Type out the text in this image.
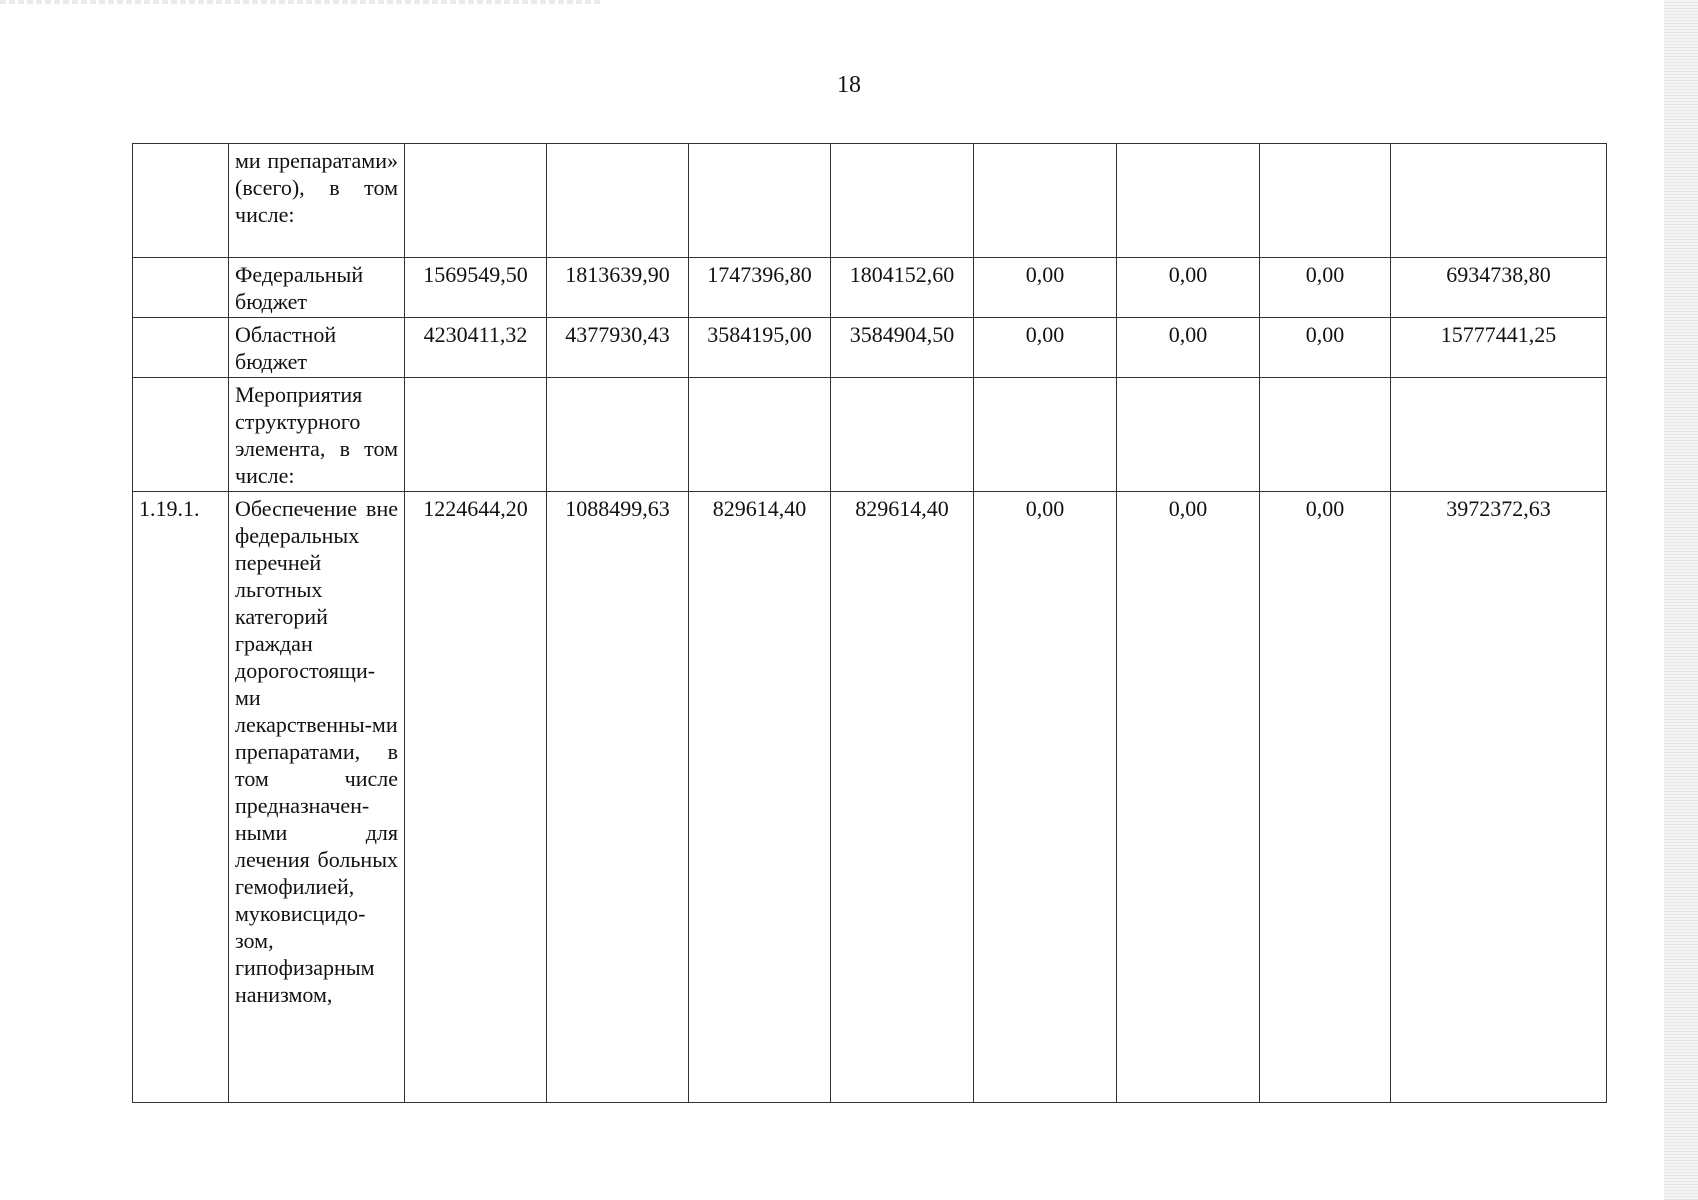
18
	ми препаратами» (всего), в том числе:								
	Федеральный бюджет	1569549,50	1813639,90	1747396,80	1804152,60	0,00	0,00	0,00	6934738,80
	Областной бюджет	4230411,32	4377930,43	3584195,00	3584904,50	0,00	0,00	0,00	15777441,25
	Мероприятия структурного элемента, в том числе:								
1.19.1.	Обеспечение вне федеральных перечней льготных категорий граждан дорогостоящи-ми лекарственны-ми препаратами, в том числе предназначен-ными для лечения больных гемофилией, муковисцидо-зом, гипофизарным нанизмом,	1224644,20	1088499,63	829614,40	829614,40	0,00	0,00	0,00	3972372,63
